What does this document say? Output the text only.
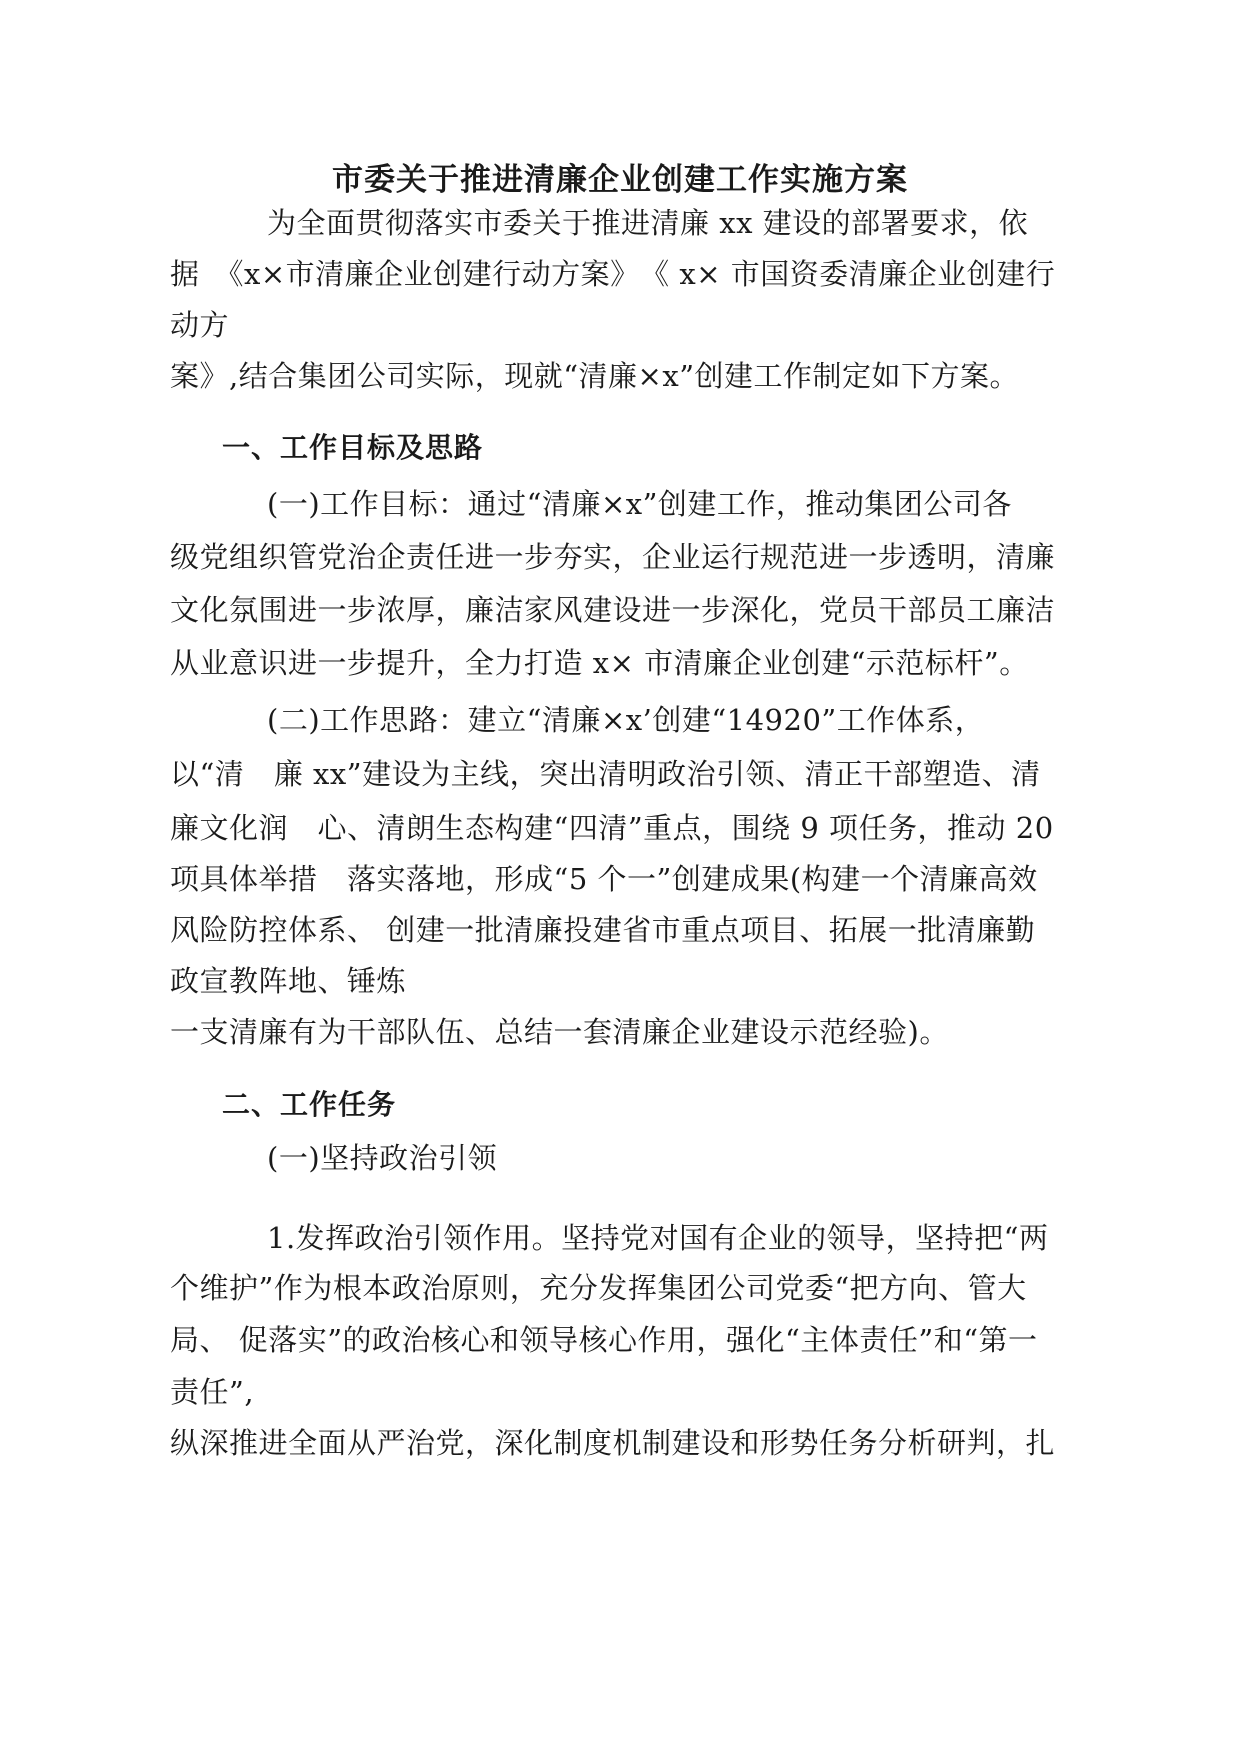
市委关于推进清廉企业创建工作实施方案
为全面贯彻落实市委关于推进清廉 xx 建设的部署要求，依
据　《x×市清廉企业创建行动方案》　《 x× 市国资委清廉企业创建行
动方
案》,结合集团公司实际，现就“清廉×x”创建工作制定如下方案。
一、工作目标及思路
(一)工作目标：通过“清廉×x”创建工作，推动集团公司各
级党组织管党治企责任进一步夯实，企业运行规范进一步透明，清廉
文化氛围进一步浓厚，廉洁家风建设进一步深化，党员干部员工廉洁
从业意识进一步提升，全力打造 x× 市清廉企业创建“示范标杆”。
(二)工作思路：建立“清廉×x’创建“14920”工作体系，
以“清　廉 xx”建设为主线，突出清明政治引领、清正干部塑造、清
廉文化润　心、清朗生态构建“四清”重点，围绕 9 项任务，推动 20
项具体举措　落实落地，形成“5 个一”创建成果(构建一个清廉高效
风险防控体系、 创建一批清廉投建省市重点项目、拓展一批清廉勤
政宣教阵地、锤炼
一支清廉有为干部队伍、总结一套清廉企业建设示范经验)。
二、工作任务
(一)坚持政治引领
1.发挥政治引领作用。坚持党对国有企业的领导，坚持把“两
个维护”作为根本政治原则，充分发挥集团公司党委“把方向、管大
局、 促落实”的政治核心和领导核心作用，强化“主体责任”和“第一
责任”,
纵深推进全面从严治党，深化制度机制建设和形势任务分析研判，扎
